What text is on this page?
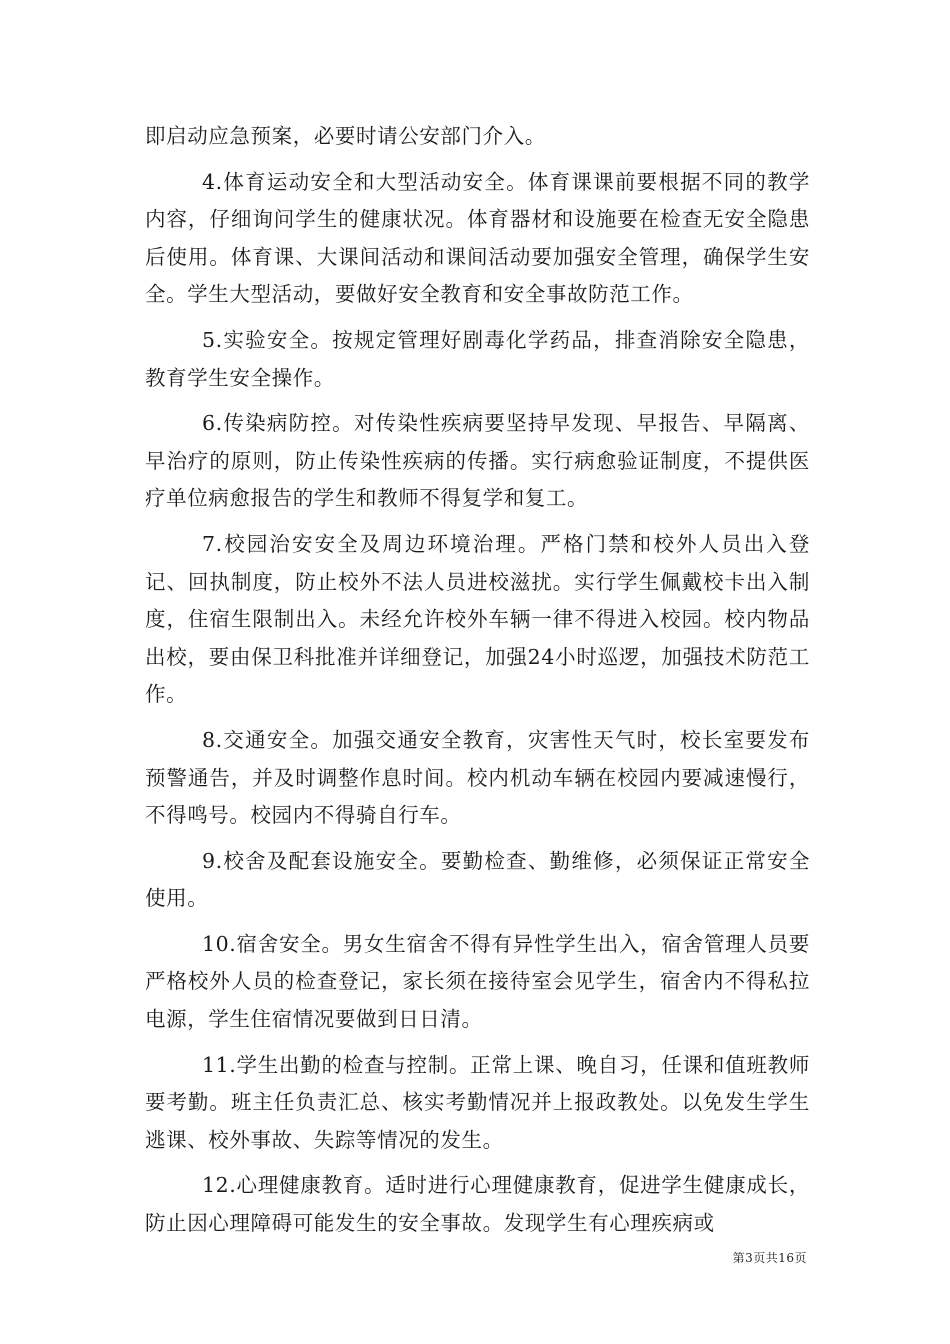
即启动应急预案，必要时请公安部门介入。

4.体育运动安全和大型活动安全。体育课课前要根据不同的教学内容，仔细询问学生的健康状况。体育器材和设施要在检查无安全隐患后使用。体育课、大课间活动和课间活动要加强安全管理，确保学生安全。学生大型活动，要做好安全教育和安全事故防范工作。

5.实验安全。按规定管理好剧毒化学药品，排查消除安全隐患，教育学生安全操作。

6.传染病防控。对传染性疾病要坚持早发现、早报告、早隔离、早治疗的原则，防止传染性疾病的传播。实行病愈验证制度，不提供医疗单位病愈报告的学生和教师不得复学和复工。

7.校园治安安全及周边环境治理。严格门禁和校外人员出入登记、回执制度，防止校外不法人员进校滋扰。实行学生佩戴校卡出入制度，住宿生限制出入。未经允许校外车辆一律不得进入校园。校内物品出校，要由保卫科批准并详细登记，加强24小时巡逻，加强技术防范工作。

8.交通安全。加强交通安全教育，灾害性天气时，校长室要发布预警通告，并及时调整作息时间。校内机动车辆在校园内要减速慢行，不得鸣号。校园内不得骑自行车。

9.校舍及配套设施安全。要勤检查、勤维修，必须保证正常安全使用。

10.宿舍安全。男女生宿舍不得有异性学生出入，宿舍管理人员要严格校外人员的检查登记，家长须在接待室会见学生，宿舍内不得私拉电源，学生住宿情况要做到日日清。

11.学生出勤的检查与控制。正常上课、晚自习，任课和值班教师要考勤。班主任负责汇总、核实考勤情况并上报政教处。以免发生学生逃课、校外事故、失踪等情况的发生。

12.心理健康教育。适时进行心理健康教育，促进学生健康成长，防止因心理障碍可能发生的安全事故。发现学生有心理疾病或

第3页共16页
